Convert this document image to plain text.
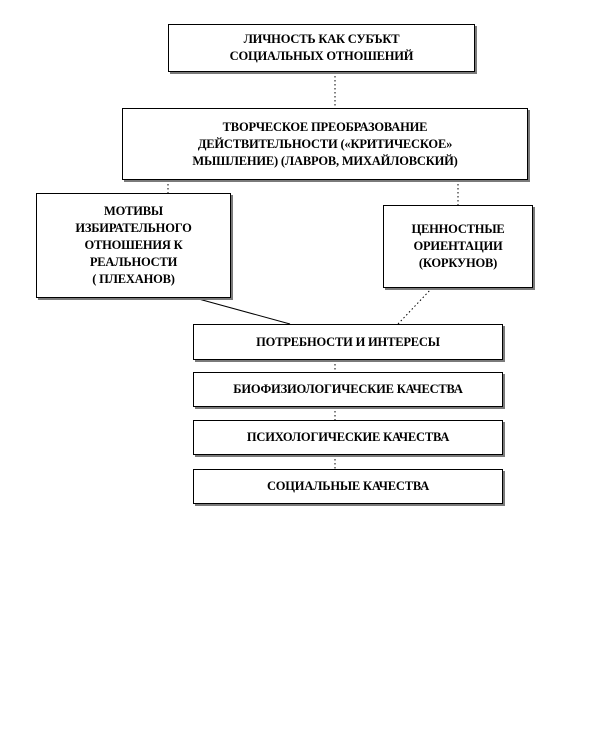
ЛИЧНОСТЬ КАК СУБЪКТ
СОЦИАЛЬНЫХ ОТНОШЕНИЙ
ТВОРЧЕСКОЕ ПРЕОБРАЗОВАНИЕ
ДЕЙСТВИТЕЛЬНОСТИ («КРИТИЧЕСКОЕ»
МЫШЛЕНИЕ) (ЛАВРОВ, МИХАЙЛОВСКИЙ)
МОТИВЫ
ИЗБИРАТЕЛЬНОГО
ОТНОШЕНИЯ К
РЕАЛЬНОСТИ
( ПЛЕХАНОВ)
ЦЕННОСТНЫЕ
ОРИЕНТАЦИИ
(КОРКУНОВ)
ПОТРЕБНОСТИ И ИНТЕРЕСЫ
БИОФИЗИОЛОГИЧЕСКИЕ КАЧЕСТВА
ПСИХОЛОГИЧЕСКИЕ КАЧЕСТВА
СОЦИАЛЬНЫЕ КАЧЕСТВА
